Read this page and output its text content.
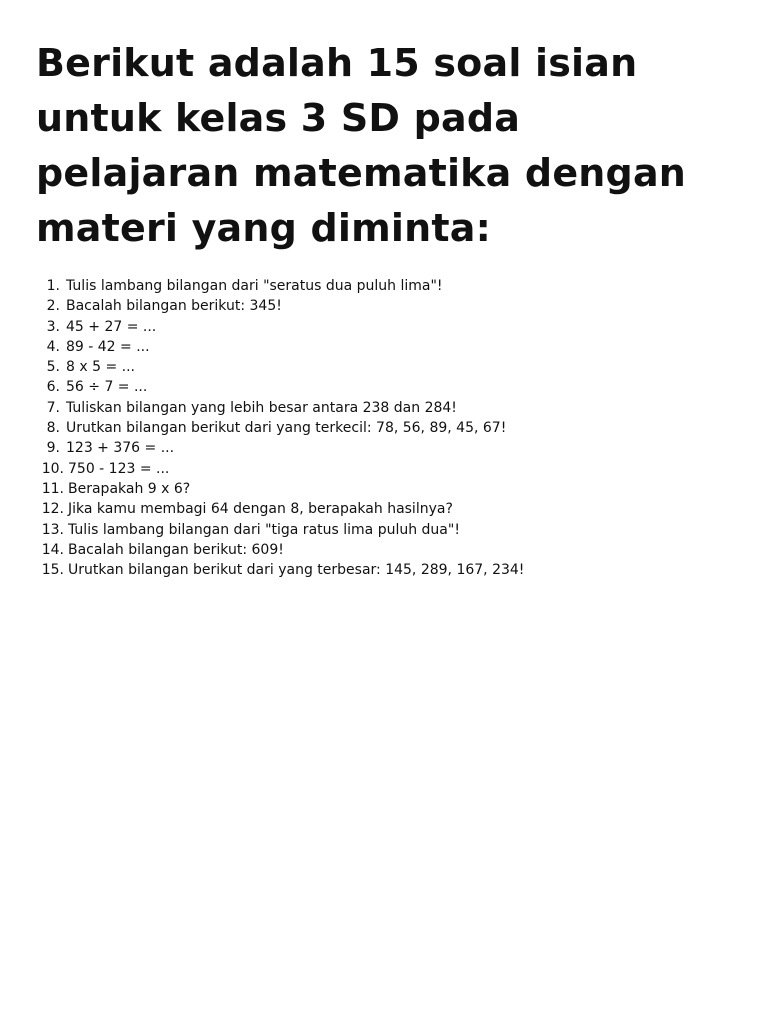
Berikut adalah 15 soal isian untuk kelas 3 SD pada pelajaran matematika dengan materi yang diminta:
1. Tulis lambang bilangan dari "seratus dua puluh lima"!
2. Bacalah bilangan berikut: 345!
3. 45 + 27 = ...
4. 89 - 42 = ...
5. 8 x 5 = ...
6. 56 ÷ 7 = ...
7. Tuliskan bilangan yang lebih besar antara 238 dan 284!
8. Urutkan bilangan berikut dari yang terkecil: 78, 56, 89, 45, 67!
9. 123 + 376 = ...
10. 750 - 123 = ...
11. Berapakah 9 x 6?
12. Jika kamu membagi 64 dengan 8, berapakah hasilnya?
13. Tulis lambang bilangan dari "tiga ratus lima puluh dua"!
14. Bacalah bilangan berikut: 609!
15. Urutkan bilangan berikut dari yang terbesar: 145, 289, 167, 234!
